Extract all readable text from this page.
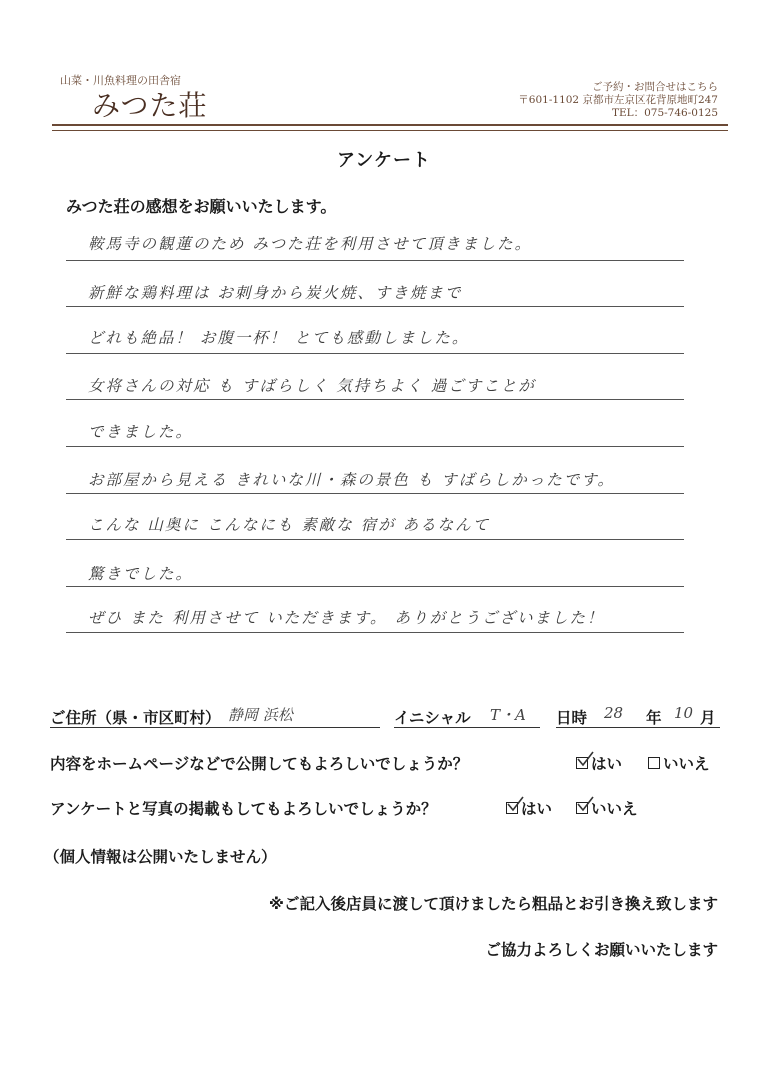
山菜・川魚料理の田舎宿
みつた荘
ご予約・お問合せはこちら
〒601-1102 京都市左京区花背原地町247
TEL：075-746-0125
アンケート
みつた荘の感想をお願いいたします。
鞍馬寺の観蓮のため みつた荘を利用させて頂きました。
新鮮な鶏料理は お刺身から炭火焼、すき焼まで
どれも絶品！ お腹一杯！ とても感動しました。
女将さんの対応 も すばらしく 気持ちよく 過ごすことが
できました。
お部屋から見える きれいな川・森の景色 も すばらしかったです。
こんな 山奥に こんなにも 素敵な 宿が あるなんて
驚きでした。
ぜひ また 利用させて いただきます。 ありがとうございました！
ご住所（県・市区町村） 静岡 浜松	イニシャル T・A 日時 28 年 10 月
内容をホームページなどで公開してもよろしいでしょうか？	はい	いいえ
アンケートと写真の掲載もしてもよろしいでしょうか？	はい	いいえ
（個人情報は公開いたしません）
※ご記入後店員に渡して頂けましたら粗品とお引き換え致します
ご協力よろしくお願いいたします
